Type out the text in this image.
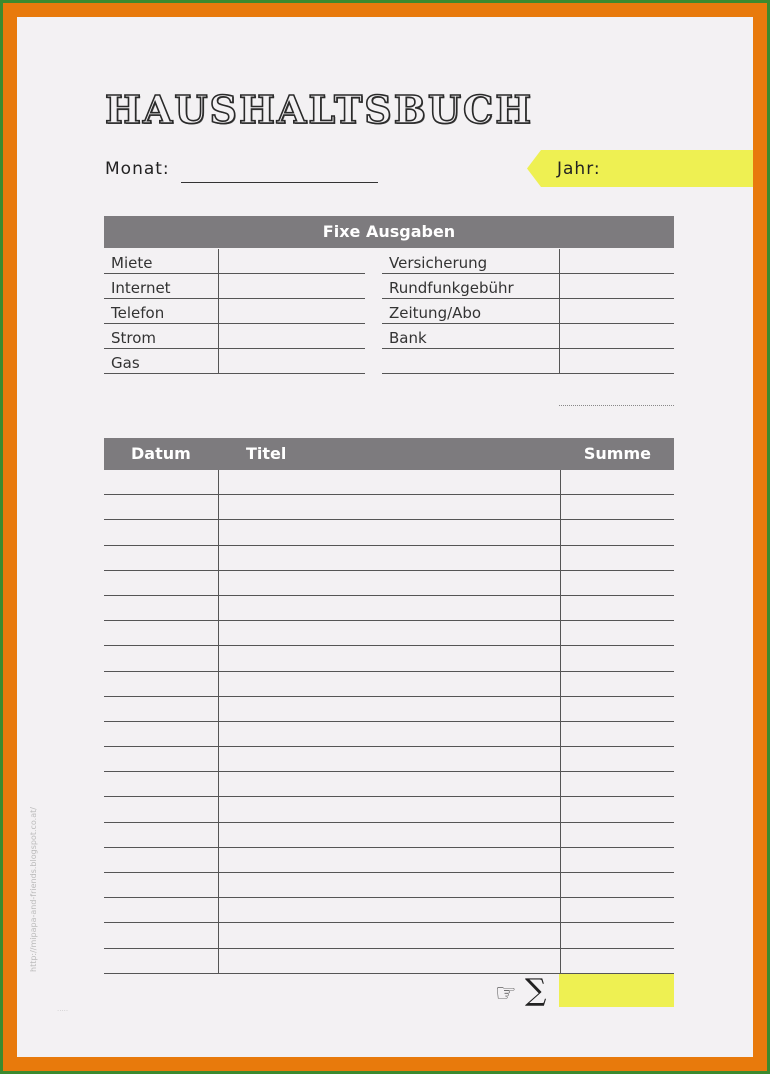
HAUSHALTSBUCH
Monat:	Jahr:
Fixe Ausgaben
Miete	Versicherung
Internet	Rundfunkgebühr
Telefon	Zeitung/Abo
Strom	Bank
Gas
Datum	Titel	Summe
☞ ∑
http://mipapa-and-friends.blogspot.co.at/
·····
